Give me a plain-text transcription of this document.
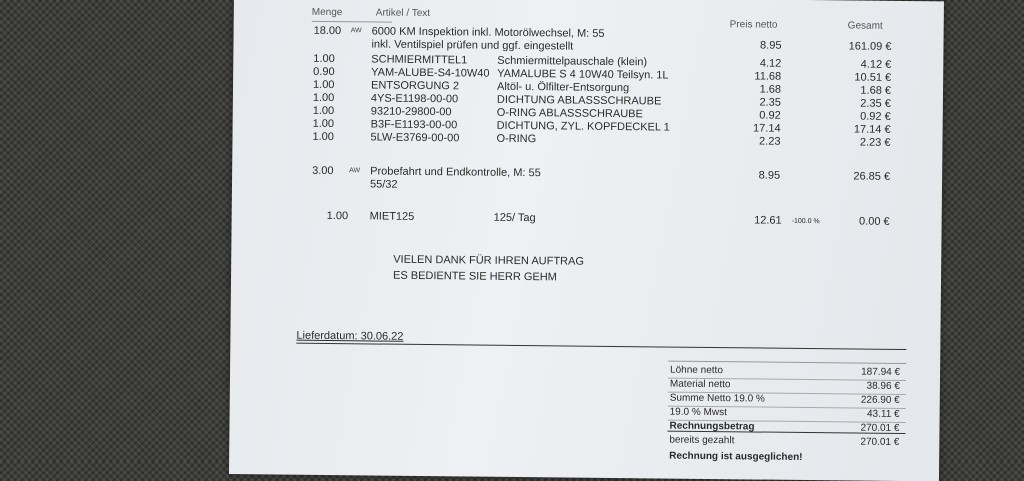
Menge	Artikel / Text
Preis netto	Gesamt
18.00 AW 6000 KM Inspektion inkl. Motorölwechsel, M: 55
inkl. Ventilspiel prüfen und ggf. eingestellt	8.95	161.09 €
1.00	SCHMIERMITTEL1	Schmiermittelpauschale (klein)	4.12	4.12 €
0.90	YAM-ALUBE-S4-10W40 YAMALUBE S 4 10W40 Teilsyn. 1L	11.68	10.51 €
1.00	ENTSORGUNG 2	Altöl- u. Ölfilter-Entsorgung	1.68	1.68 €
1.00	4YS-E1198-00-00	DICHTUNG ABLASSSCHRAUBE	2.35	2.35 €
1.00	93210-29800-00	O-RING ABLASSSCHRAUBE	0.92	0.92 €
1.00	B3F-E1193-00-00	DICHTUNG, ZYL. KOPFDECKEL 1	17.14	17.14 €
1.00	5LW-E3769-00-00	O-RING	2.23	2.23 €
3.00 AW Probefahrt und Endkontrolle, M: 55
55/32
8.95	26.85 €
1.00 MIET125	125/ Tag	12.61 -100.0 %	0.00 €
VIELEN DANK FÜR IHREN AUFTRAG
ES BEDIENTE SIE HERR GEHM
Lieferdatum: 30.06.22
Löhne netto	187.94 €
Material netto	38.96 €
Summe Netto 19.0 %	226.90 €
19.0 % Mwst	43.11 €
Rechnungsbetrag	270.01 €
bereits gezahlt	270.01 €
Rechnung ist ausgeglichen!
